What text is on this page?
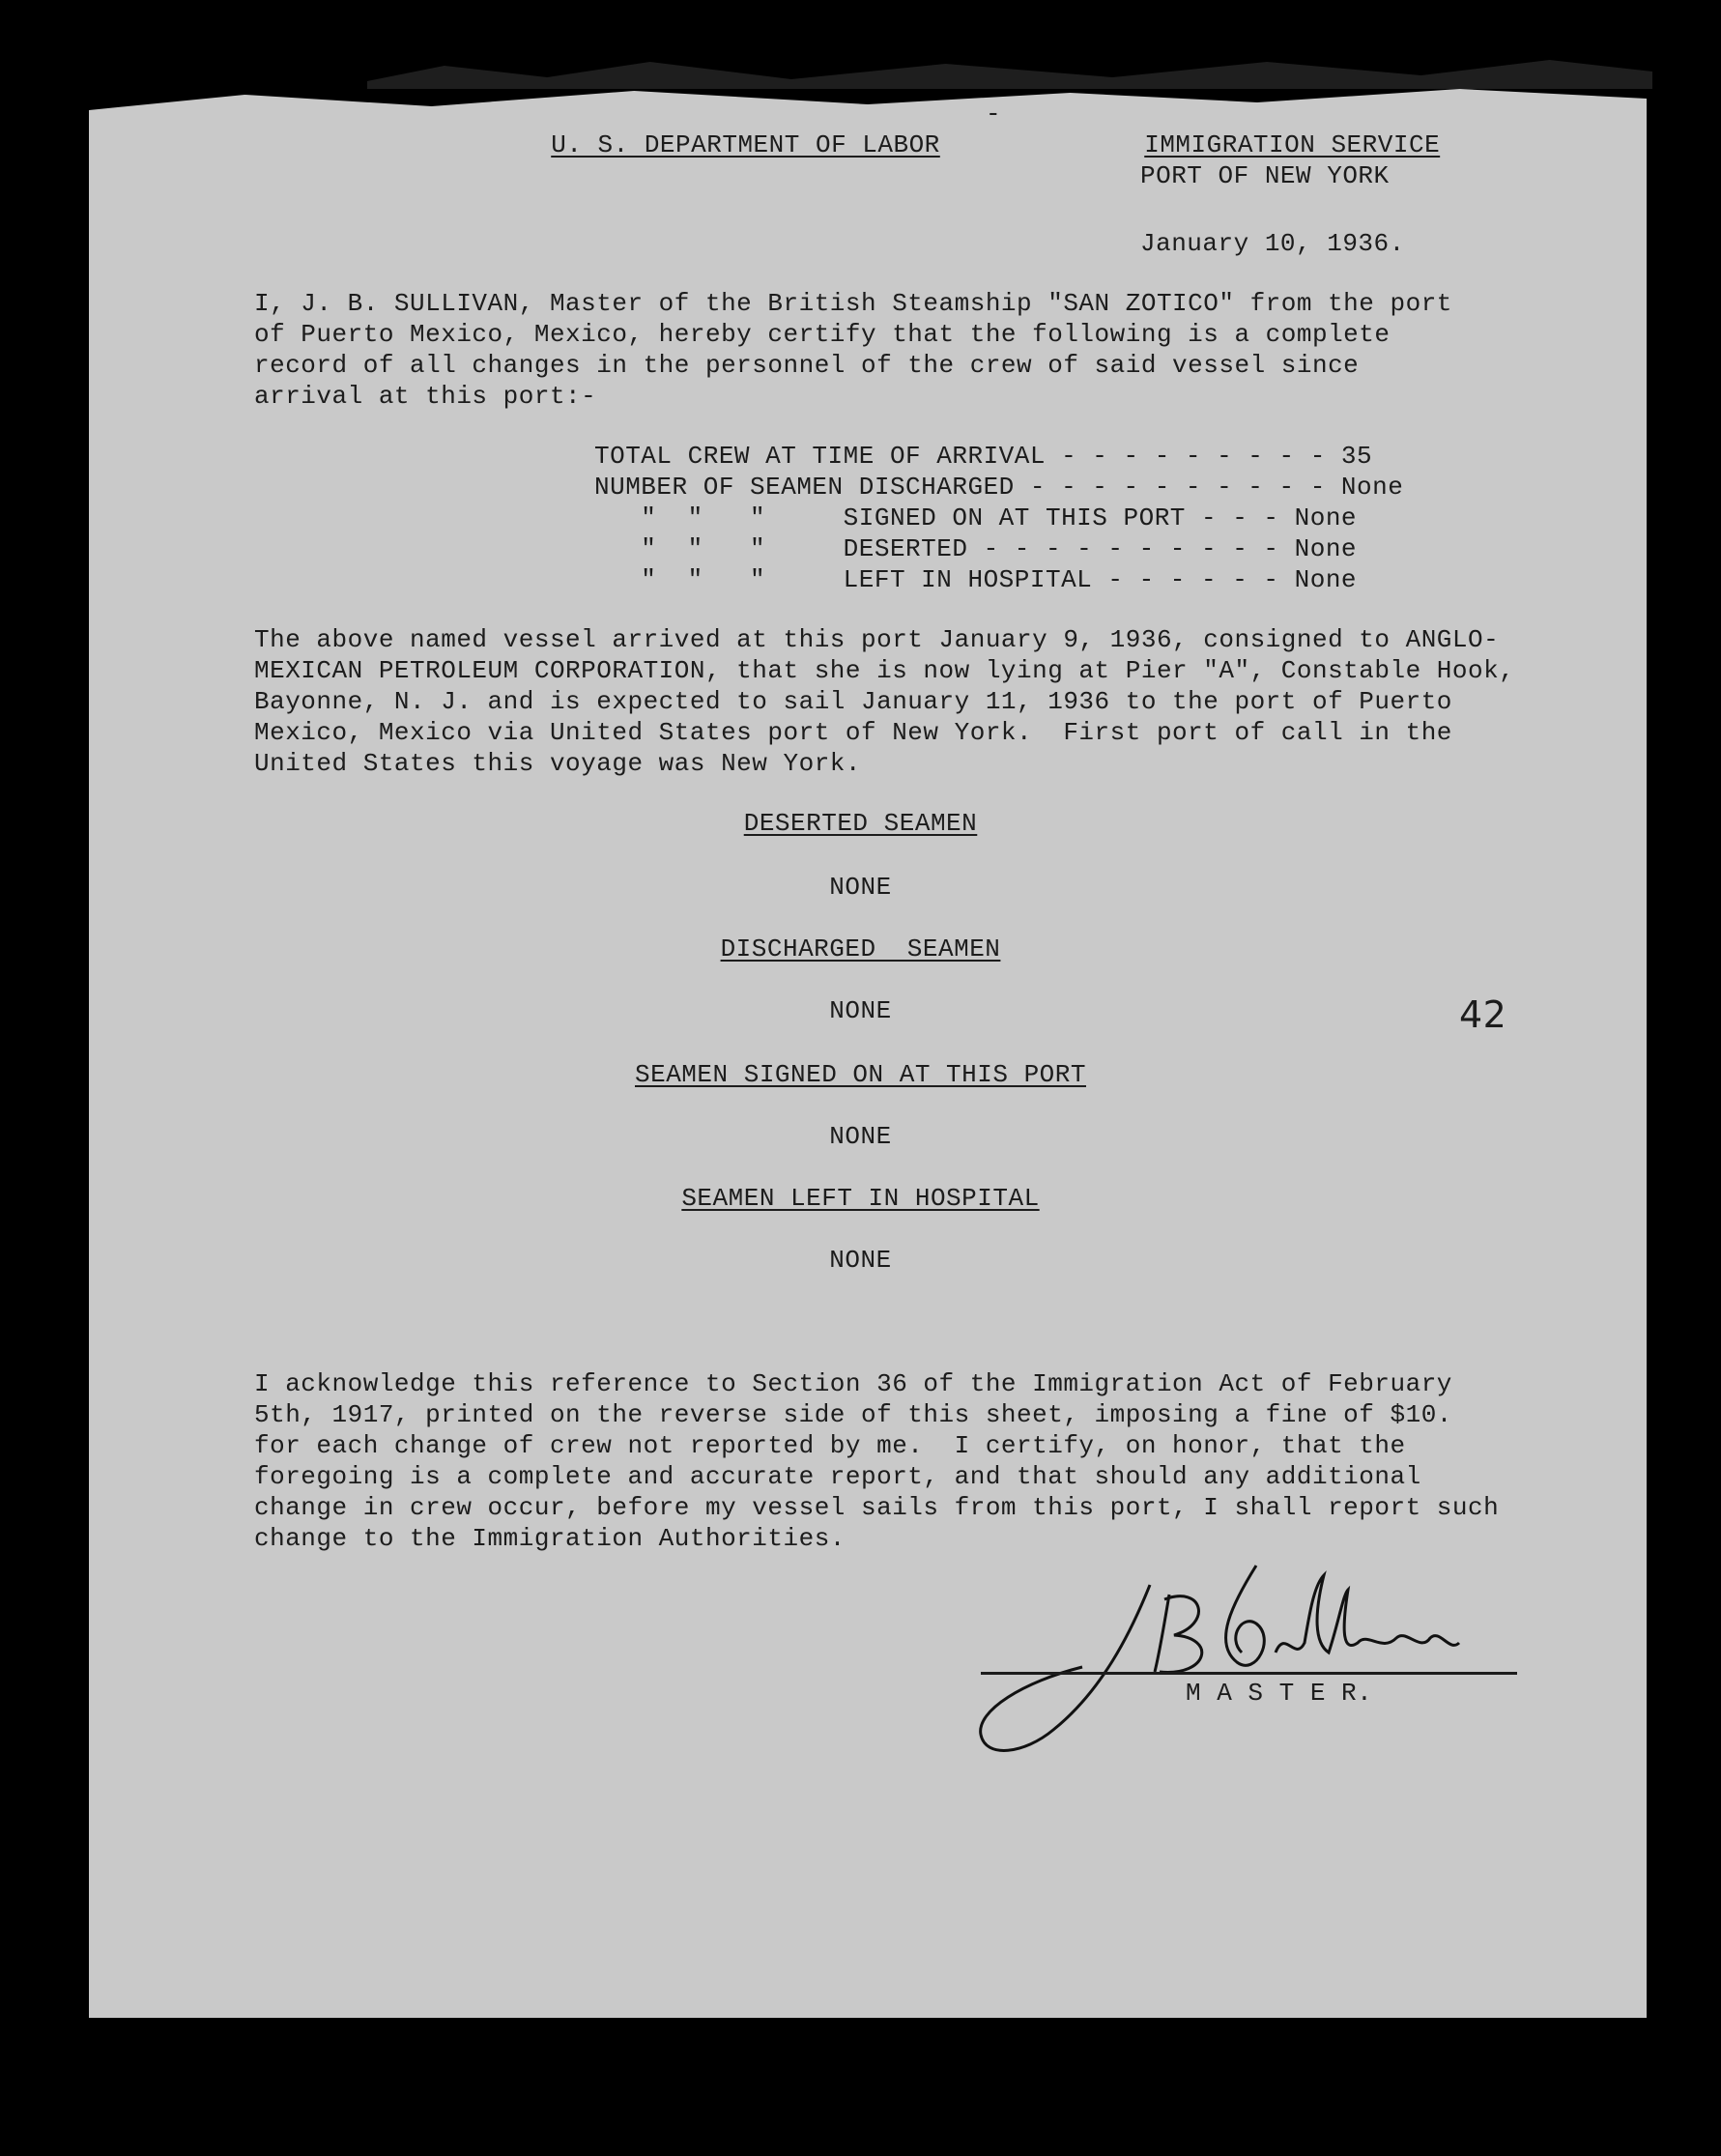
U. S. DEPARTMENT OF LABOR

-

IMMIGRATION SERVICE

PORT OF NEW YORK
January 10, 1936.
I, J. B. SULLIVAN, Master of the British Steamship "SAN ZOTICO" from the port
of Puerto Mexico, Mexico, hereby certify that the following is a complete
record of all changes in the personnel of the crew of said vessel since
arrival at this port:-
TOTAL CREW AT TIME OF ARRIVAL - - - - - - - - - 35
NUMBER OF SEAMEN DISCHARGED - - - - - - - - - - None
"  "   "     SIGNED ON AT THIS PORT - - - None
"  "   "     DESERTED - - - - - - - - - - None
"  "   "     LEFT IN HOSPITAL - - - - - - None
The above named vessel arrived at this port January 9, 1936, consigned to ANGLO-
MEXICAN PETROLEUM CORPORATION, that she is now lying at Pier "A", Constable Hook,
Bayonne, N. J. and is expected to sail January 11, 1936 to the port of Puerto
Mexico, Mexico via United States port of New York.  First port of call in the
United States this voyage was New York.
DESERTED SEAMEN
NONE
DISCHARGED  SEAMEN
NONE
SEAMEN SIGNED ON AT THIS PORT
NONE
SEAMEN LEFT IN HOSPITAL
NONE
42
I acknowledge this reference to Section 36 of the Immigration Act of February
5th, 1917, printed on the reverse side of this sheet, imposing a fine of $10.
for each change of crew not reported by me.  I certify, on honor, that the
foregoing is a complete and accurate report, and that should any additional
change in crew occur, before my vessel sails from this port, I shall report such
change to the Immigration Authorities.
M A S T E R.
